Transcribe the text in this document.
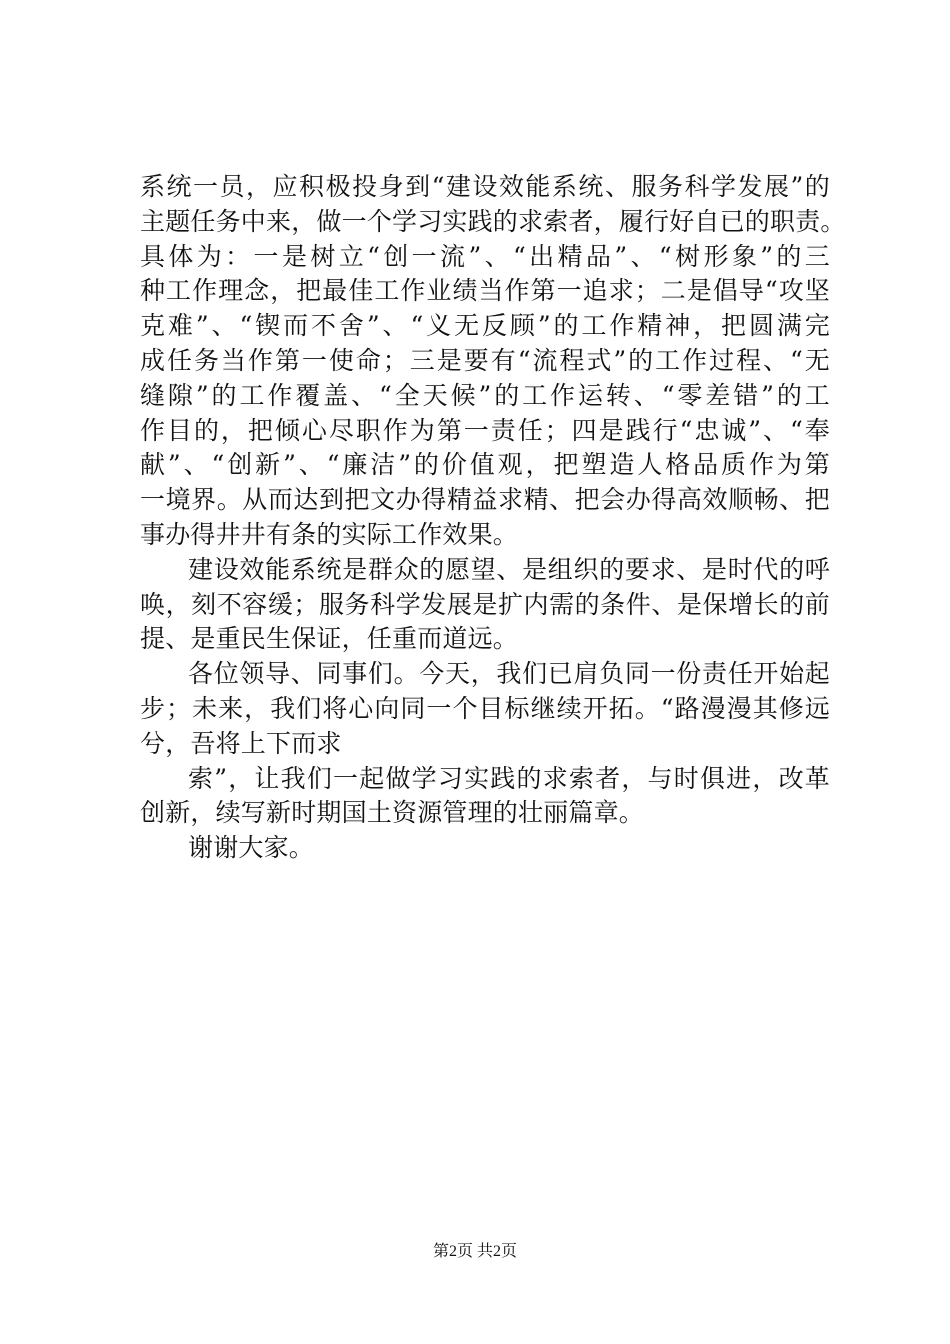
系统一员，应积极投身到“建设效能系统、服务科学发展”的
主题任务中来，做一个学习实践的求索者，履行好自已的职责。
具体为：一是树立“创一流”、“出精品”、“树形象”的三
种工作理念，把最佳工作业绩当作第一追求；二是倡导“攻坚
克难”、“锲而不舍”、“义无反顾”的工作精神，把圆满完
成任务当作第一使命；三是要有“流程式”的工作过程、“无
缝隙”的工作覆盖、“全天候”的工作运转、“零差错”的工
作目的，把倾心尽职作为第一责任；四是践行“忠诚”、“奉
献”、“创新”、“廉洁”的价值观，把塑造人格品质作为第
一境界。从而达到把文办得精益求精、把会办得高效顺畅、把
事办得井井有条的实际工作效果。
建设效能系统是群众的愿望、是组织的要求、是时代的呼
唤，刻不容缓；服务科学发展是扩内需的条件、是保增长的前
提、是重民生保证，任重而道远。
各位领导、同事们。今天，我们已肩负同一份责任开始起
步；未来，我们将心向同一个目标继续开拓。“路漫漫其修远
兮，吾将上下而求
索”，让我们一起做学习实践的求索者，与时俱进，改革
创新，续写新时期国土资源管理的壮丽篇章。
谢谢大家。
第2页 共2页
